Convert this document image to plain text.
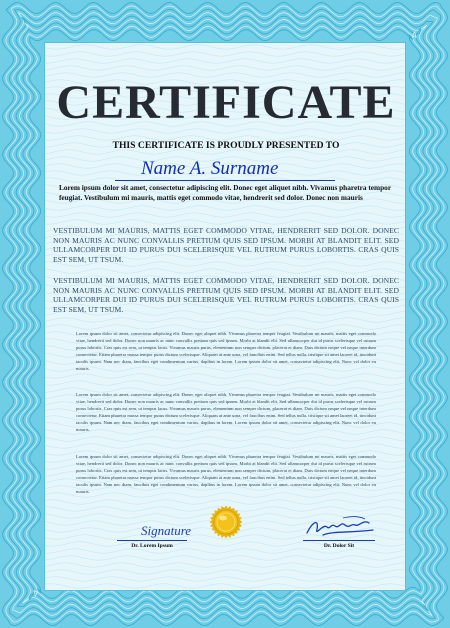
CERTIFICATE
THIS CERTIFICATE IS PROUDLY PRESENTED TO
Name A. Surname
Lorem ipsum dolor sit amet, consectetur adipiscing elit. Donec eget aliquet nibh. Vivamus pharetra tempor feugiat. Vestibulum mi mauris, mattis eget commodo vitae, hendrerit sed dolor. Donec non mauris
VESTIBULUM MI MAURIS, MATTIS EGET COMMODO VITAE, HENDRERIT SED DOLOR. DONEC NON MAURIS AC NUNC CONVALLIS PRETIUM QUIS SED IPSUM. MORBI AT BLANDIT ELIT. SED ULLAMCORPER DUI ID PURUS DUI SCELERISQUE VEL RUTRUM PURUS LOBORTIS. CRAS QUIS EST SEM, UT TSUM.
VESTIBULUM MI MAURIS, MATTIS EGET COMMODO VITAE, HENDRERIT SED DOLOR. DONEC NON MAURIS AC NUNC CONVALLIS PRETIUM QUIS SED IPSUM. MORBI AT BLANDIT ELIT. SED ULLAMCORPER DUI ID PURUS DUI SCELERISQUE VEL RUTRUM PURUS LOBORTIS. CRAS QUIS EST SEM, UT TSUM.
Lorem ipsum dolor sit amet, consectetur adipiscing elit. Donec eget aliquet nibh. Vivamus pharetra tempor feugiat. Vestibulum mi mauris, mattis eget commodo vitae, hendrerit sed dolor. Donec non mauris ac nunc convallis pretium quis sed ipsum. Morbi at blandit elit. Sed ullamcorper dui id purus scelerisque vel rutrum purus lobortis. Cras quis est sem, ut tempus lacus. Vivamus mauris purus, elementum non semper dictum, placerat et diam. Duis dictum neque vel neque interdum consectetur. Etiam pharetra massa tempor purus dictum scelerisque. Aliquam at ante urna, vel faucibus enim. Sed tellus nulla, tristique sit amet laoreet id, tincidunt iaculis ipsum. Nam nec diam, faucibus eget condimentum varius, dapibus in lorem. Lorem ipsum dolor sit amet, consectetur adipiscing elit. Nunc vel dolor eu mauris.
Lorem ipsum dolor sit amet, consectetur adipiscing elit. Donec eget aliquet nibh. Vivamus pharetra tempor feugiat. Vestibulum mi mauris, mattis eget commodo vitae, hendrerit sed dolor. Donec non mauris ac nunc convallis pretium quis sed ipsum. Morbi at blandit elit. Sed ullamcorper dui id purus scelerisque vel rutrum purus lobortis. Cras quis est sem, ut tempus lacus. Vivamus mauris purus, elementum non semper dictum, placerat et diam. Duis dictum neque vel neque interdum consectetur. Etiam pharetra massa tempor purus dictum scelerisque. Aliquam at ante urna, vel faucibus enim. Sed tellus nulla, tristique sit amet laoreet id, tincidunt iaculis ipsum. Nam nec diam, faucibus eget condimentum varius, dapibus in lorem. Lorem ipsum dolor sit amet, consectetur adipiscing elit. Nunc vel dolor eu mauris.
Lorem ipsum dolor sit amet, consectetur adipiscing elit. Donec eget aliquet nibh. Vivamus pharetra tempor feugiat. Vestibulum mi mauris, mattis eget commodo vitae, hendrerit sed dolor. Donec non mauris ac nunc convallis pretium quis sed ipsum. Morbi at blandit elit. Sed ullamcorper dui id purus scelerisque vel rutrum purus lobortis. Cras quis est sem, ut tempus lacus. Vivamus mauris purus, elementum non semper dictum, placerat et diam. Duis dictum neque vel neque interdum consectetur. Etiam pharetra massa tempor purus dictum scelerisque. Aliquam at ante urna, vel faucibus enim. Sed tellus nulla, tristique sit amet laoreet id, tincidunt iaculis ipsum. Nam nec diam, faucibus eget condimentum varius, dapibus in lorem. Lorem ipsum dolor sit amet, consectetur adipiscing elit. Nunc vel dolor eu mauris.
Signature
Dr. Lorem Ipsum	Dr. Dolor Sit
